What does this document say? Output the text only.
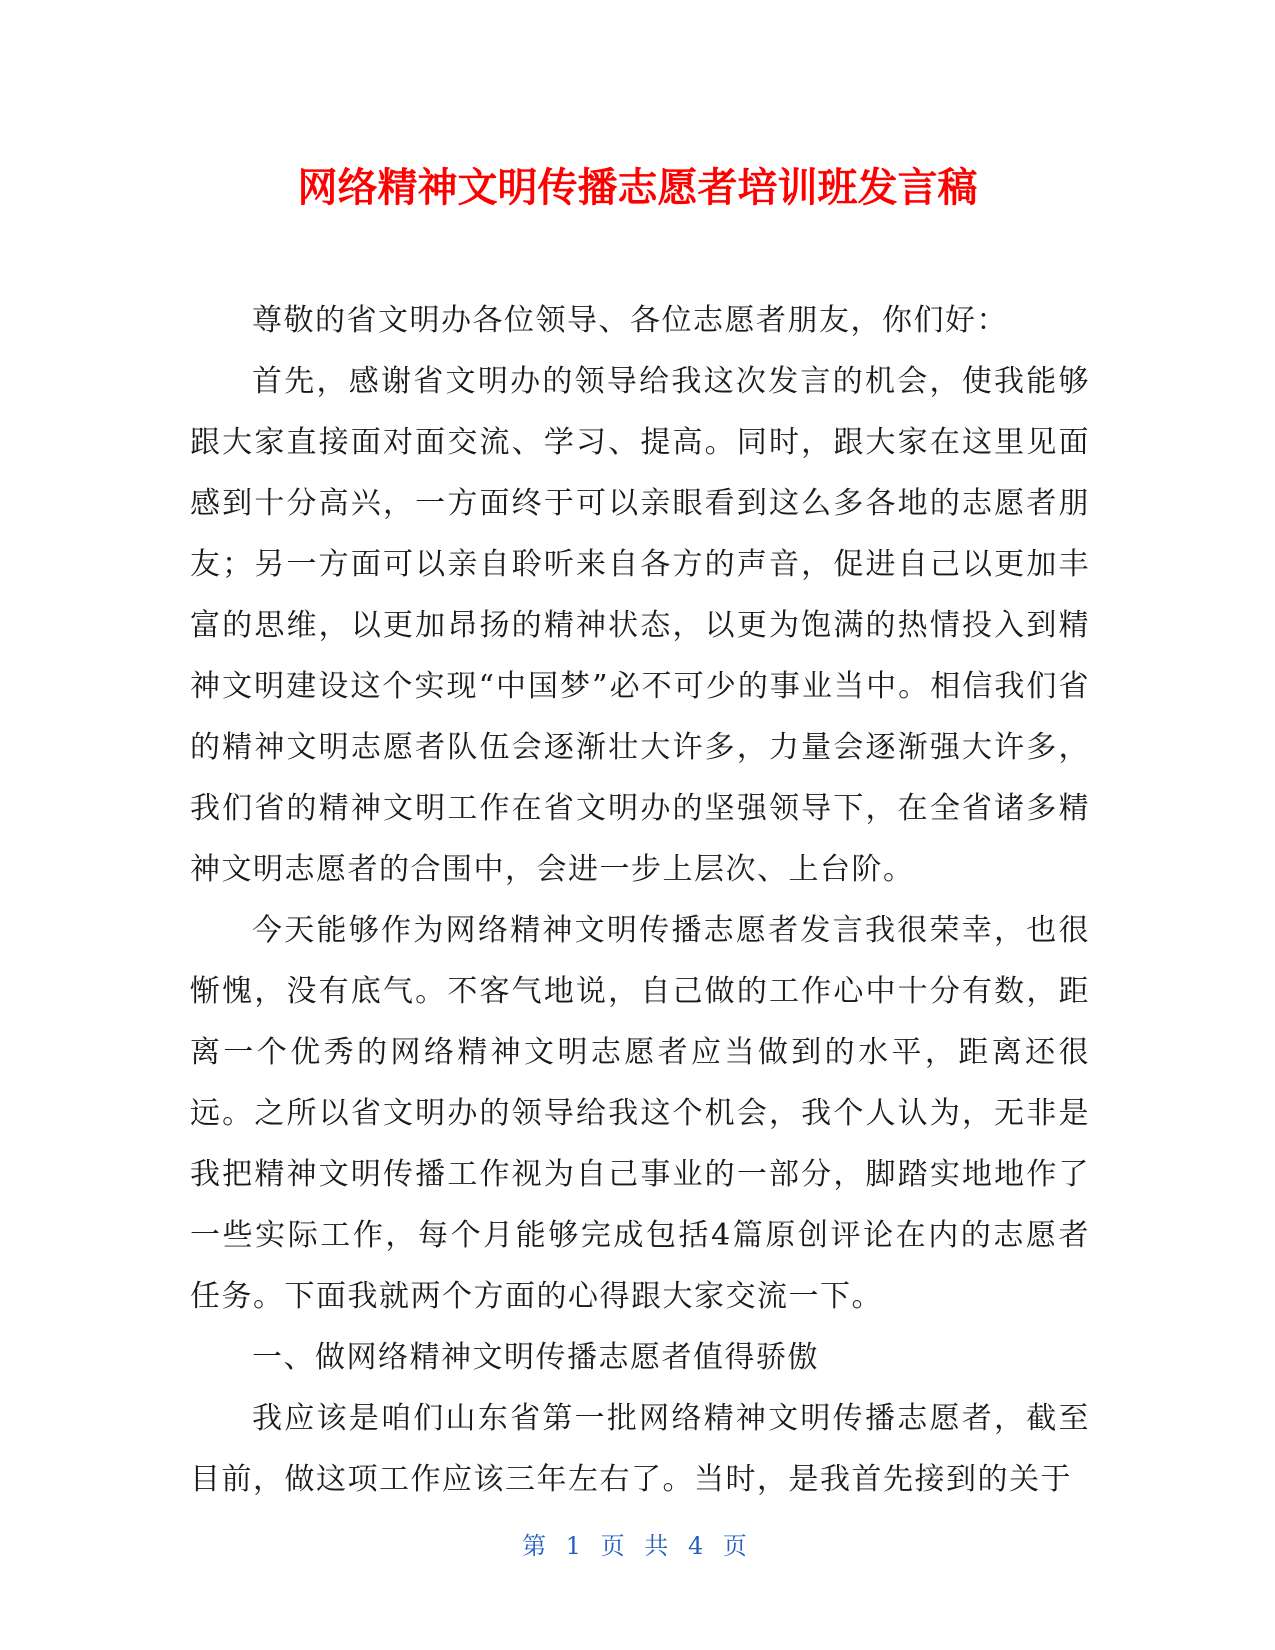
网络精神文明传播志愿者培训班发言稿

尊敬的省文明办各位领导、各位志愿者朋友，你们好：

首先，感谢省文明办的领导给我这次发言的机会，使我能够跟大家直接面对面交流、学习、提高。同时，跟大家在这里见面感到十分高兴，一方面终于可以亲眼看到这么多各地的志愿者朋友；另一方面可以亲自聆听来自各方的声音，促进自己以更加丰富的思维，以更加昂扬的精神状态，以更为饱满的热情投入到精神文明建设这个实现“中国梦”必不可少的事业当中。相信我们省的精神文明志愿者队伍会逐渐壮大许多，力量会逐渐强大许多，我们省的精神文明工作在省文明办的坚强领导下，在全省诸多精神文明志愿者的合围中，会进一步上层次、上台阶。

今天能够作为网络精神文明传播志愿者发言我很荣幸，也很惭愧，没有底气。不客气地说，自己做的工作心中十分有数，距离一个优秀的网络精神文明志愿者应当做到的水平，距离还很远。之所以省文明办的领导给我这个机会，我个人认为，无非是我把精神文明传播工作视为自己事业的一部分，脚踏实地地作了一些实际工作，每个月能够完成包括4篇原创评论在内的志愿者任务。下面我就两个方面的心得跟大家交流一下。

一、做网络精神文明传播志愿者值得骄傲

我应该是咱们山东省第一批网络精神文明传播志愿者，截至目前，做这项工作应该三年左右了。当时，是我首先接到的关于

第 1 页 共 4 页
